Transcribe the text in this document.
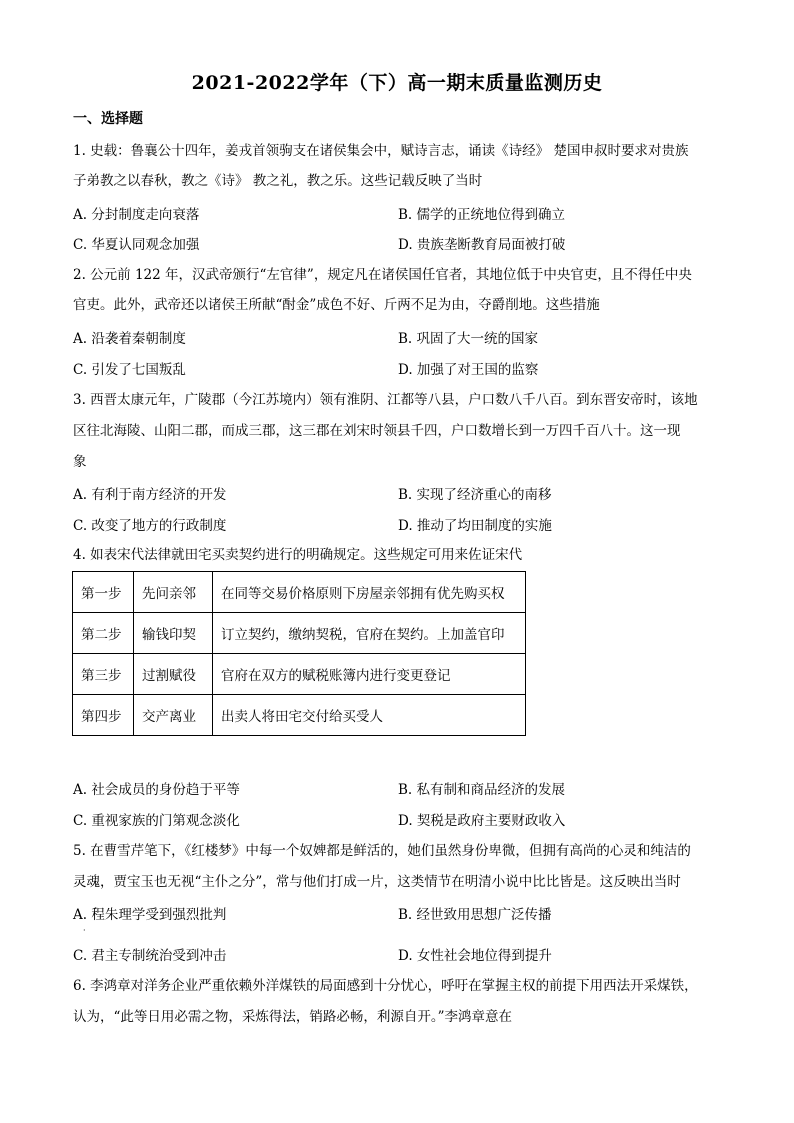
2021-2022学年（下）高一期末质量监测历史
一、选择题
1. 史载：鲁襄公十四年，姜戎首领驹支在诸侯集会中，赋诗言志，诵读《诗经》 楚国申叔时要求对贵族
子弟教之以春秋，教之《诗》 教之礼，教之乐。这些记载反映了当时
A. 分封制度走向衰落	B. 儒学的正统地位得到确立
C. 华夏认同观念加强	D. 贵族垄断教育局面被打破
2. 公元前 122 年，汉武帝颁行“左官律”，规定凡在诸侯国任官者，其地位低于中央官吏，且不得任中央
官吏。此外，武帝还以诸侯王所献“酎金”成色不好、斤两不足为由，夺爵削地。这些措施
A. 沿袭着秦朝制度	B. 巩固了大一统的国家
C. 引发了七国叛乱	D. 加强了对王国的监察
3. 西晋太康元年，广陵郡（今江苏境内）领有淮阴、江都等八县，户口数八千八百。到东晋安帝时，该地
区往北海陵、山阳二郡，而成三郡，这三郡在刘宋时领县千四，户口数增长到一万四千百八十。这一现
象
A. 有利于南方经济的开发	B. 实现了经济重心的南移
C. 改变了地方的行政制度	D. 推动了均田制度的实施
4. 如表宋代法律就田宅买卖契约进行的明确规定。这些规定可用来佐证宋代
第一步	先问亲邻	在同等交易价格原则下房屋亲邻拥有优先购买权
第二步	输钱印契	订立契约，缴纳契税，官府在契约。上加盖官印
第三步	过割赋役	官府在双方的赋税账簿内进行变更登记
第四步	交产离业	出卖人将田宅交付给买受人
A. 社会成员的身份趋于平等	B. 私有制和商品经济的发展
C. 重视家族的门第观念淡化	D. 契税是政府主要财政收入
5. 在曹雪芹笔下，《红楼梦》中每一个奴婢都是鲜活的，她们虽然身份卑微，但拥有高尚的心灵和纯洁的
灵魂，贾宝玉也无视“主仆之分”，常与他们打成一片，这类情节在明清小说中比比皆是。这反映出当时
A. 程朱理学受到强烈批判	B. 经世致用思想广泛传播
·
C. 君主专制统治受到冲击	D. 女性社会地位得到提升
6. 李鸿章对洋务企业严重依赖外洋煤铁的局面感到十分忧心，呼吁在掌握主权的前提下用西法开采煤铁，
认为，“此等日用必需之物，采炼得法，销路必畅，利源自开。”李鸿章意在
